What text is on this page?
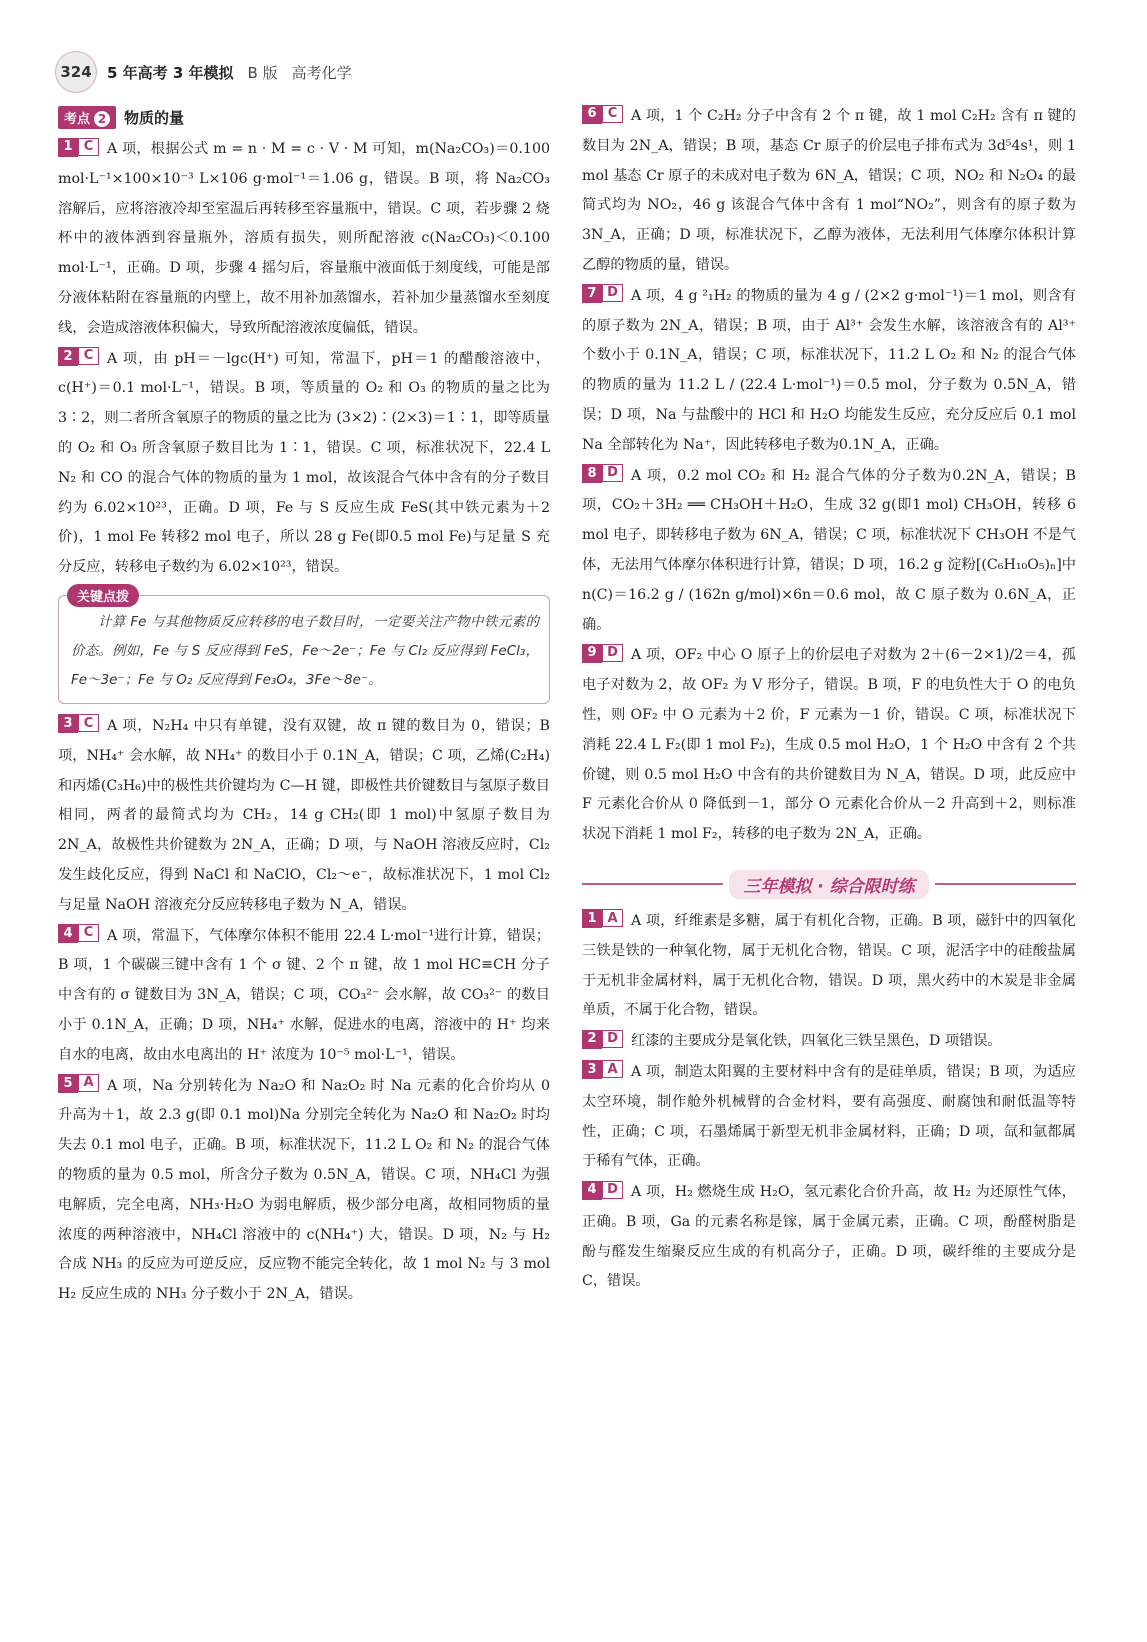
324	5 年高考 3 年模拟 B 版 高考化学
考点 2	物质的量
1 C A 项，根据公式 m = n · M = c · V · M 可知，m(Na₂CO₃)＝0.100 mol·L⁻¹×100×10⁻³ L×106 g·mol⁻¹＝1.06 g，错误。B 项，将 Na₂CO₃ 溶解后，应将溶液冷却至室温后再转移至容量瓶中，错误。C 项，若步骤 2 烧杯中的液体洒到容量瓶外，溶质有损失，则所配溶液 c(Na₂CO₃)＜0.100 mol·L⁻¹，正确。D 项，步骤 4 摇匀后，容量瓶中液面低于刻度线，可能是部分液体粘附在容量瓶的内壁上，故不用补加蒸馏水，若补加少量蒸馏水至刻度线，会造成溶液体积偏大，导致所配溶液浓度偏低，错误。
2 C A 项，由 pH＝－lgc(H⁺) 可知，常温下，pH＝1 的醋酸溶液中，c(H⁺)＝0.1 mol·L⁻¹，错误。B 项，等质量的 O₂ 和 O₃ 的物质的量之比为 3∶2，则二者所含氧原子的物质的量之比为 (3×2)∶(2×3)＝1∶1，即等质量的 O₂ 和 O₃ 所含氧原子数目比为 1∶1，错误。C 项，标准状况下，22.4 L N₂ 和 CO 的混合气体的物质的量为 1 mol，故该混合气体中含有的分子数目约为 6.02×10²³，正确。D 项，Fe 与 S 反应生成 FeS(其中铁元素为＋2 价)，1 mol Fe 转移2 mol 电子，所以 28 g Fe(即0.5 mol Fe)与足量 S 充分反应，转移电子数约为 6.02×10²³，错误。
关键点拨
计算 Fe 与其他物质反应转移的电子数目时，一定要关注产物中铁元素的价态。例如，Fe 与 S 反应得到 FeS，Fe～2e⁻；Fe 与 Cl₂ 反应得到 FeCl₃，Fe～3e⁻；Fe 与 O₂ 反应得到 Fe₃O₄，3Fe～8e⁻。
3 C A 项，N₂H₄ 中只有单键，没有双键，故 π 键的数目为 0，错误；B 项，NH₄⁺ 会水解，故 NH₄⁺ 的数目小于 0.1N_A，错误；C 项，乙烯(C₂H₄)和丙烯(C₃H₆)中的极性共价键均为 C—H 键，即极性共价键数目与氢原子数目相同，两者的最简式均为 CH₂，14 g CH₂(即 1 mol)中氢原子数目为 2N_A，故极性共价键数为 2N_A，正确；D 项，与 NaOH 溶液反应时，Cl₂ 发生歧化反应，得到 NaCl 和 NaClO，Cl₂～e⁻，故标准状况下，1 mol Cl₂ 与足量 NaOH 溶液充分反应转移电子数为 N_A，错误。
4 C A 项，常温下，气体摩尔体积不能用 22.4 L·mol⁻¹进行计算，错误；B 项，1 个碳碳三键中含有 1 个 σ 键、2 个 π 键，故 1 mol HC≡CH 分子中含有的 σ 键数目为 3N_A，错误；C 项，CO₃²⁻ 会水解，故 CO₃²⁻ 的数目小于 0.1N_A，正确；D 项，NH₄⁺ 水解，促进水的电离，溶液中的 H⁺ 均来自水的电离，故由水电离出的 H⁺ 浓度为 10⁻⁵ mol·L⁻¹，错误。
5 A A 项，Na 分别转化为 Na₂O 和 Na₂O₂ 时 Na 元素的化合价均从 0 升高为＋1，故 2.3 g(即 0.1 mol)Na 分别完全转化为 Na₂O 和 Na₂O₂ 时均失去 0.1 mol 电子，正确。B 项，标准状况下，11.2 L O₂ 和 N₂ 的混合气体的物质的量为 0.5 mol，所含分子数为 0.5N_A，错误。C 项，NH₄Cl 为强电解质，完全电离，NH₃·H₂O 为弱电解质，极少部分电离，故相同物质的量浓度的两种溶液中，NH₄Cl 溶液中的 c(NH₄⁺) 大，错误。D 项，N₂ 与 H₂ 合成 NH₃ 的反应为可逆反应，反应物不能完全转化，故 1 mol N₂ 与 3 mol H₂ 反应生成的 NH₃ 分子数小于 2N_A，错误。
6 C A 项，1 个 C₂H₂ 分子中含有 2 个 π 键，故 1 mol C₂H₂ 含有 π 键的数目为 2N_A，错误；B 项，基态 Cr 原子的价层电子排布式为 3d⁵4s¹，则 1 mol 基态 Cr 原子的未成对电子数为 6N_A，错误；C 项，NO₂ 和 N₂O₄ 的最简式均为 NO₂，46 g 该混合气体中含有 1 mol“NO₂”，则含有的原子数为 3N_A，正确；D 项，标准状况下，乙醇为液体，无法利用气体摩尔体积计算乙醇的物质的量，错误。
7 D A 项，4 g ²₁H₂ 的物质的量为 4 g / (2×2 g·mol⁻¹)＝1 mol，则含有的原子数为 2N_A，错误；B 项，由于 Al³⁺ 会发生水解，该溶液含有的 Al³⁺ 个数小于 0.1N_A，错误；C 项，标准状况下，11.2 L O₂ 和 N₂ 的混合气体的物质的量为 11.2 L / (22.4 L·mol⁻¹)＝0.5 mol，分子数为 0.5N_A，错误；D 项，Na 与盐酸中的 HCl 和 H₂O 均能发生反应，充分反应后 0.1 mol Na 全部转化为 Na⁺，因此转移电子数为0.1N_A，正确。
8 D A 项，0.2 mol CO₂ 和 H₂ 混合气体的分子数为0.2N_A，错误；B 项，CO₂＋3H₂ ══ CH₃OH＋H₂O，生成 32 g(即1 mol) CH₃OH，转移 6 mol 电子，即转移电子数为 6N_A，错误；C 项，标准状况下 CH₃OH 不是气体，无法用气体摩尔体积进行计算，错误；D 项，16.2 g 淀粉[(C₆H₁₀O₅)ₙ]中 n(C)＝16.2 g / (162n g/mol)×6n＝0.6 mol，故 C 原子数为 0.6N_A，正确。
9 D A 项，OF₂ 中心 O 原子上的价层电子对数为 2＋(6－2×1)/2＝4，孤电子对数为 2，故 OF₂ 为 V 形分子，错误。B 项，F 的电负性大于 O 的电负性，则 OF₂ 中 O 元素为＋2 价，F 元素为－1 价，错误。C 项，标准状况下消耗 22.4 L F₂(即 1 mol F₂)，生成 0.5 mol H₂O，1 个 H₂O 中含有 2 个共价键，则 0.5 mol H₂O 中含有的共价键数目为 N_A，错误。D 项，此反应中 F 元素化合价从 0 降低到－1，部分 O 元素化合价从－2 升高到＋2，则标准状况下消耗 1 mol F₂，转移的电子数为 2N_A，正确。
三年模拟 · 综合限时练
1 A A 项，纤维素是多糖，属于有机化合物，正确。B 项，磁针中的四氧化三铁是铁的一种氧化物，属于无机化合物，错误。C 项，泥活字中的硅酸盐属于无机非金属材料，属于无机化合物，错误。D 项，黑火药中的木炭是非金属单质，不属于化合物，错误。
2 D 红漆的主要成分是氧化铁，四氧化三铁呈黑色，D 项错误。
3 A A 项，制造太阳翼的主要材料中含有的是硅单质，错误；B 项，为适应太空环境，制作舱外机械臂的合金材料，要有高强度、耐腐蚀和耐低温等特性，正确；C 项，石墨烯属于新型无机非金属材料，正确；D 项，氙和氩都属于稀有气体，正确。
4 D A 项，H₂ 燃烧生成 H₂O，氢元素化合价升高，故 H₂ 为还原性气体，正确。B 项，Ga 的元素名称是镓，属于金属元素，正确。C 项，酚醛树脂是酚与醛发生缩聚反应生成的有机高分子，正确。D 项，碳纤维的主要成分是 C，错误。
